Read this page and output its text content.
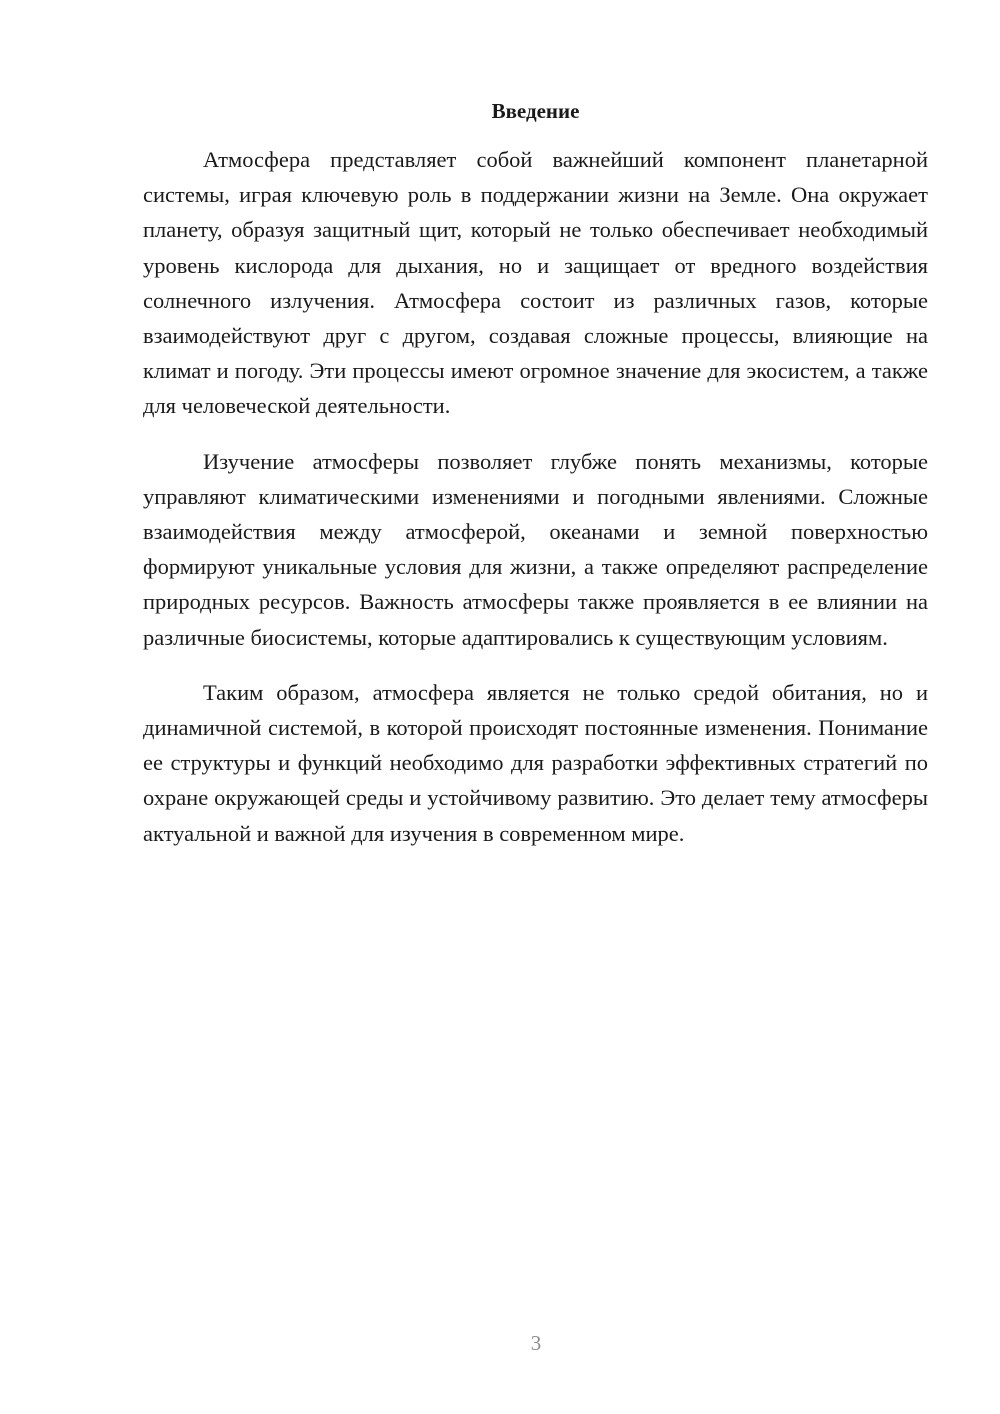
Введение

Атмосфера представляет собой важнейший компонент планетарной системы, играя ключевую роль в поддержании жизни на Земле. Она окружает планету, образуя защитный щит, который не только обеспечивает необходимый уровень кислорода для дыхания, но и защищает от вредного воздействия солнечного излучения. Атмосфера состоит из различных газов, которые взаимодействуют друг с другом, создавая сложные процессы, влияющие на климат и погоду. Эти процессы имеют огромное значение для экосистем, а также для человеческой деятельности.

Изучение атмосферы позволяет глубже понять механизмы, которые управляют климатическими изменениями и погодными явлениями. Сложные взаимодействия между атмосферой, океанами и земной поверхностью формируют уникальные условия для жизни, а также определяют распределение природных ресурсов. Важность атмосферы также проявляется в ее влиянии на различные биосистемы, которые адаптировались к существующим условиям.

Таким образом, атмосфера является не только средой обитания, но и динамичной системой, в которой происходят постоянные изменения. Понимание ее структуры и функций необходимо для разработки эффективных стратегий по охране окружающей среды и устойчивому развитию. Это делает тему атмосферы актуальной и важной для изучения в современном мире.

3
